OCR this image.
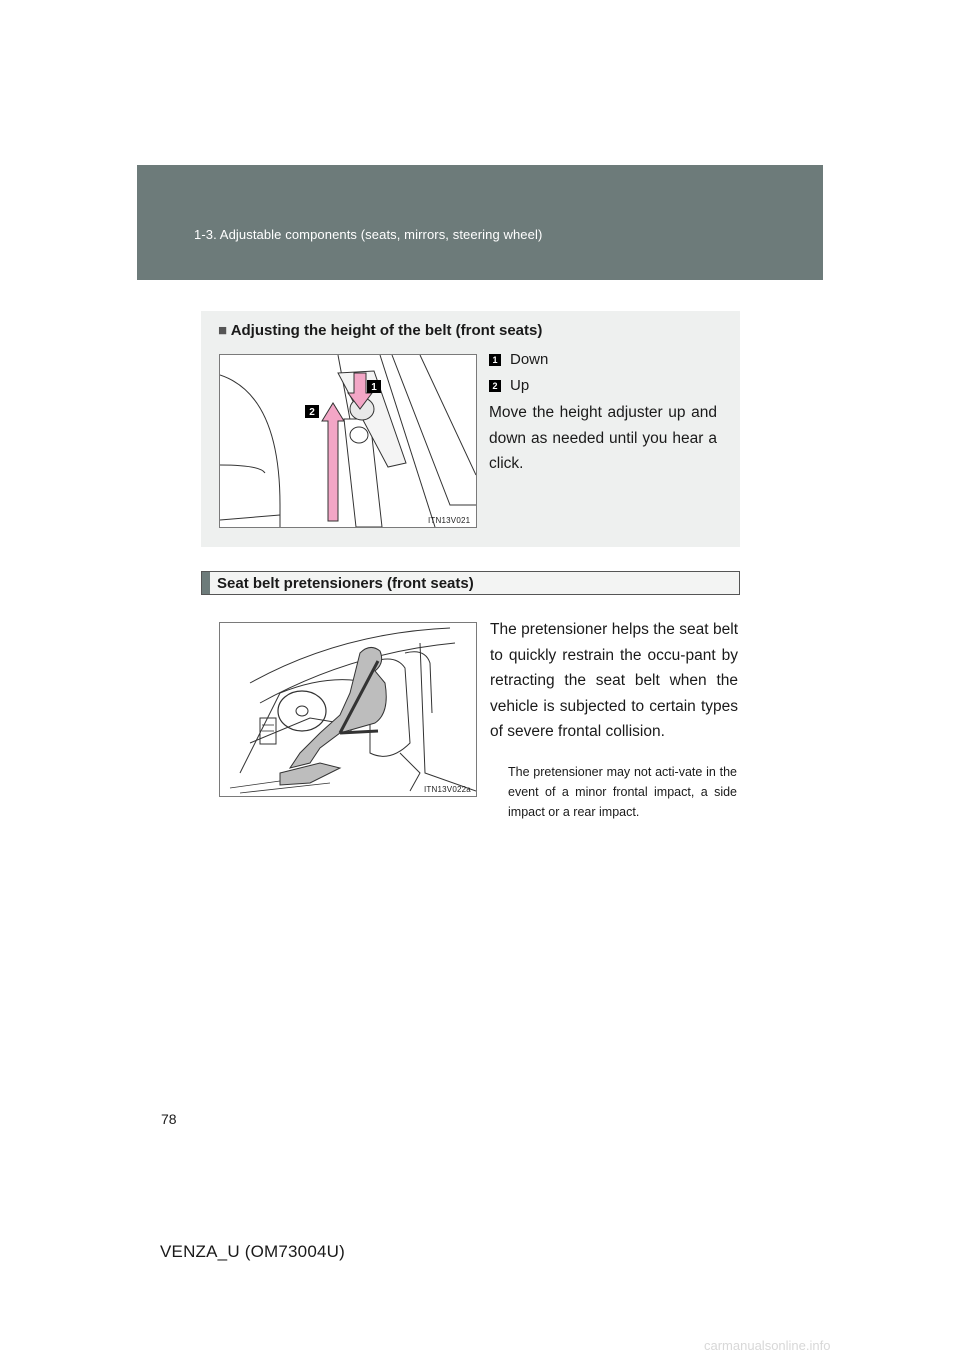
1-3. Adjustable components (seats, mirrors, steering wheel)
■ Adjusting the height of the belt (front seats)
1
2
ITN13V021
1 Down
2 Up
Move the height adjuster up and down as needed until you hear a click.
Seat belt pretensioners (front seats)
ITN13V022a
The pretensioner helps the seat belt to quickly restrain the occu-pant by retracting the seat belt when the vehicle is subjected to certain types of severe frontal collision.
The pretensioner may not acti-vate in the event of a minor frontal impact, a side impact or a rear impact.
78
VENZA_U (OM73004U)
carmanualsonline.info
